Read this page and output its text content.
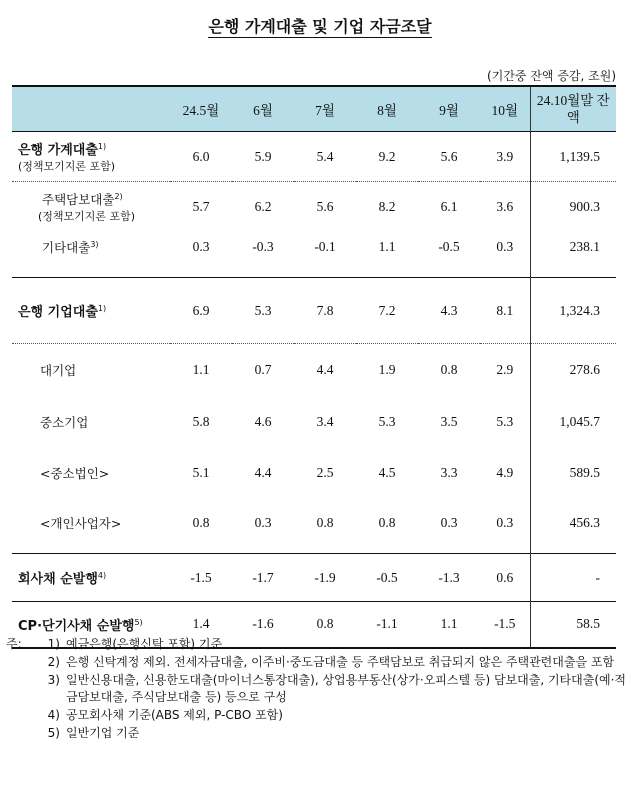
은행 가계대출 및 기업 자금조달
(기간중 잔액 증감, 조원)
	24.5월	6월	7월	8월	9월	10월	24.10월말 잔액

은행 가계대출$^{1)}$
(정책모기지론 포함)	6.0	5.9	5.4	9.2	5.6	3.9	1,139.5

주택담보대출$^{2)}$
(정책모기지론 포함)	5.7	6.2	5.6	8.2	6.1	3.6	900.3
기타대출$^{3)}$	0.3	-0.3	-0.1	1.1	-0.5	0.3	238.1

은행 기업대출$^{1)}$	6.9	5.3	7.8	7.2	4.3	8.1	1,324.3
대기업	1.1	0.7	4.4	1.9	0.8	2.9	278.6
중소기업	5.8	4.6	3.4	5.3	3.5	5.3	1,045.7
<중소법인>	5.1	4.4	2.5	4.5	3.3	4.9	589.5
<개인사업자>	0.8	0.3	0.8	0.8	0.3	0.3	456.3

회사채 순발행$^{4)}$	-1.5	-1.7	-1.9	-0.5	-1.3	0.6	-
CP·단기사채 순발행$^{5)}$	1.4	-1.6	0.8	-1.1	1.1	-1.5	58.5
주:	1) 예금은행(은행신탁 포함) 기준
2) 은행 신탁계정 제외. 전세자금대출, 이주비·중도금대출 등 주택담보로 취급되지 않은 주택관련대출을 포함
3) 일반신용대출, 신용한도대출(마이너스통장대출), 상업용부동산(상가·오피스텔 등) 담보대출, 기타대출(예·적금담보대출, 주식담보대출 등) 등으로 구성
4) 공모회사채 기준(ABS 제외, P-CBO 포함)
5) 일반기업 기준
